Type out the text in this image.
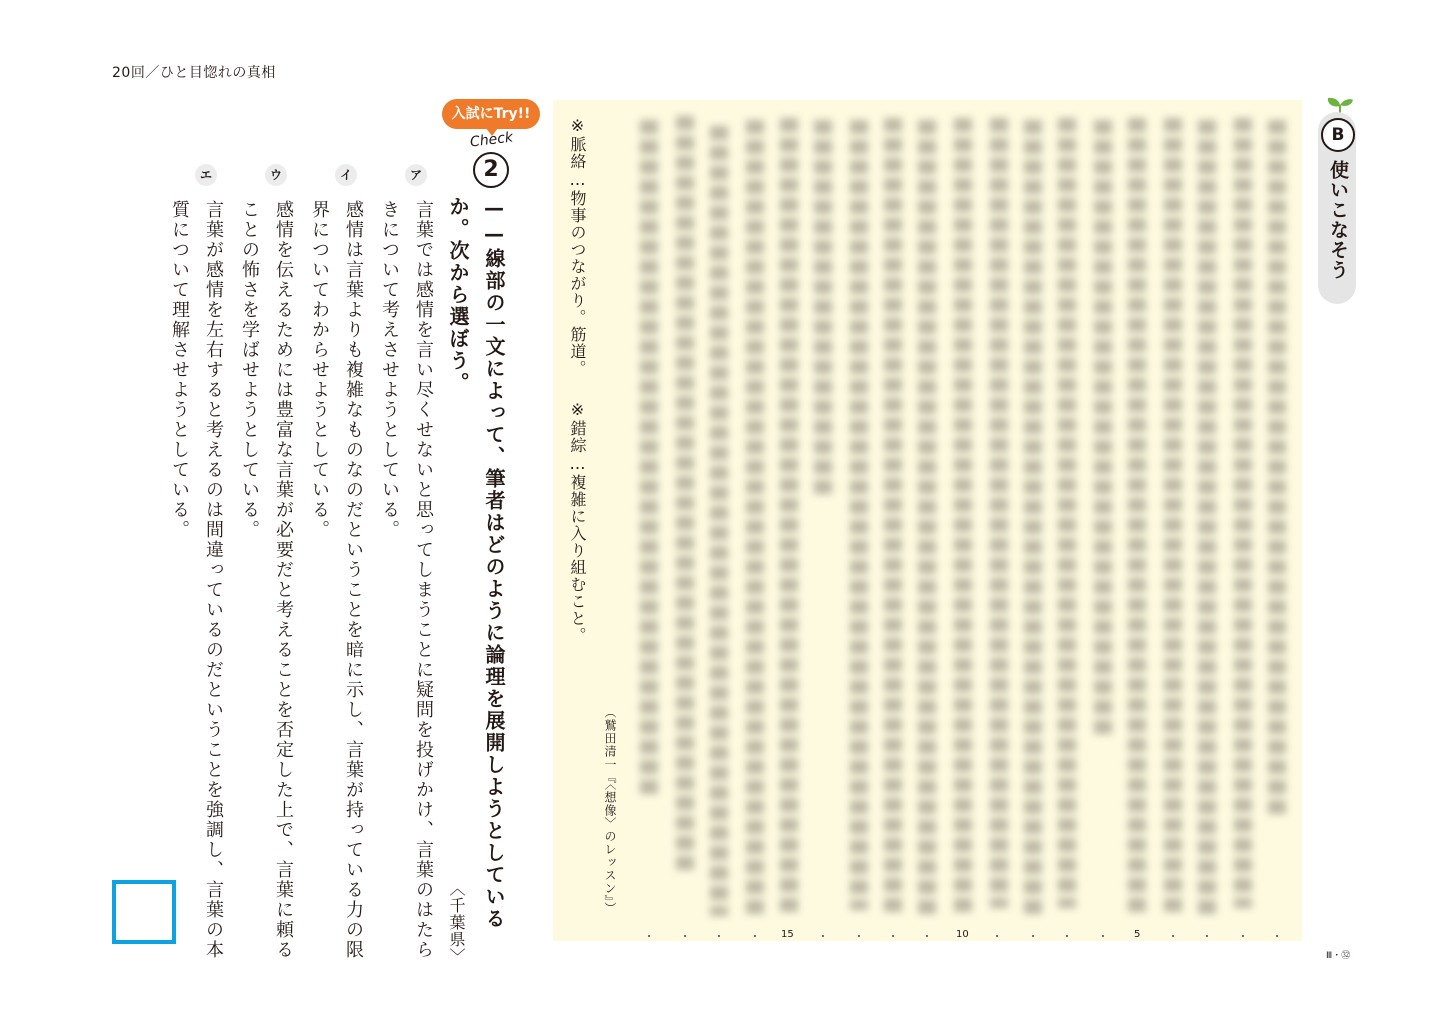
20回／ひと目惚れの真相
入試にTry!!
Check
2
——線部の一文によって、筆者はどのように論理を展開しようとしているか。次から選ぼう。
〈千葉県〉
ア
言葉では感情を言い尽くせないと思ってしまうことに疑問を投げかけ、言葉のはたらきについて考えさせようとしている。
イ
感情は言葉よりも複雑なものなのだということを暗に示し、言葉が持っている力の限界についてわからせようとしている。
ウ
感情を伝えるためには豊富な言葉が必要だと考えることを否定した上で、言葉に頼ることの怖さを学ばせようとしている。
エ
言葉が感情を左右すると考えるのは間違っているのだということを強調し、言葉の本質について理解させようとしている。	※脈絡…物事のつながり。筋道。
※錯綜…複雑に入り組むこと。
（鷲田清一『〈想像〉のレッスン』）
15	10	5
B
使いこなそう
Ⅲ・㉜
